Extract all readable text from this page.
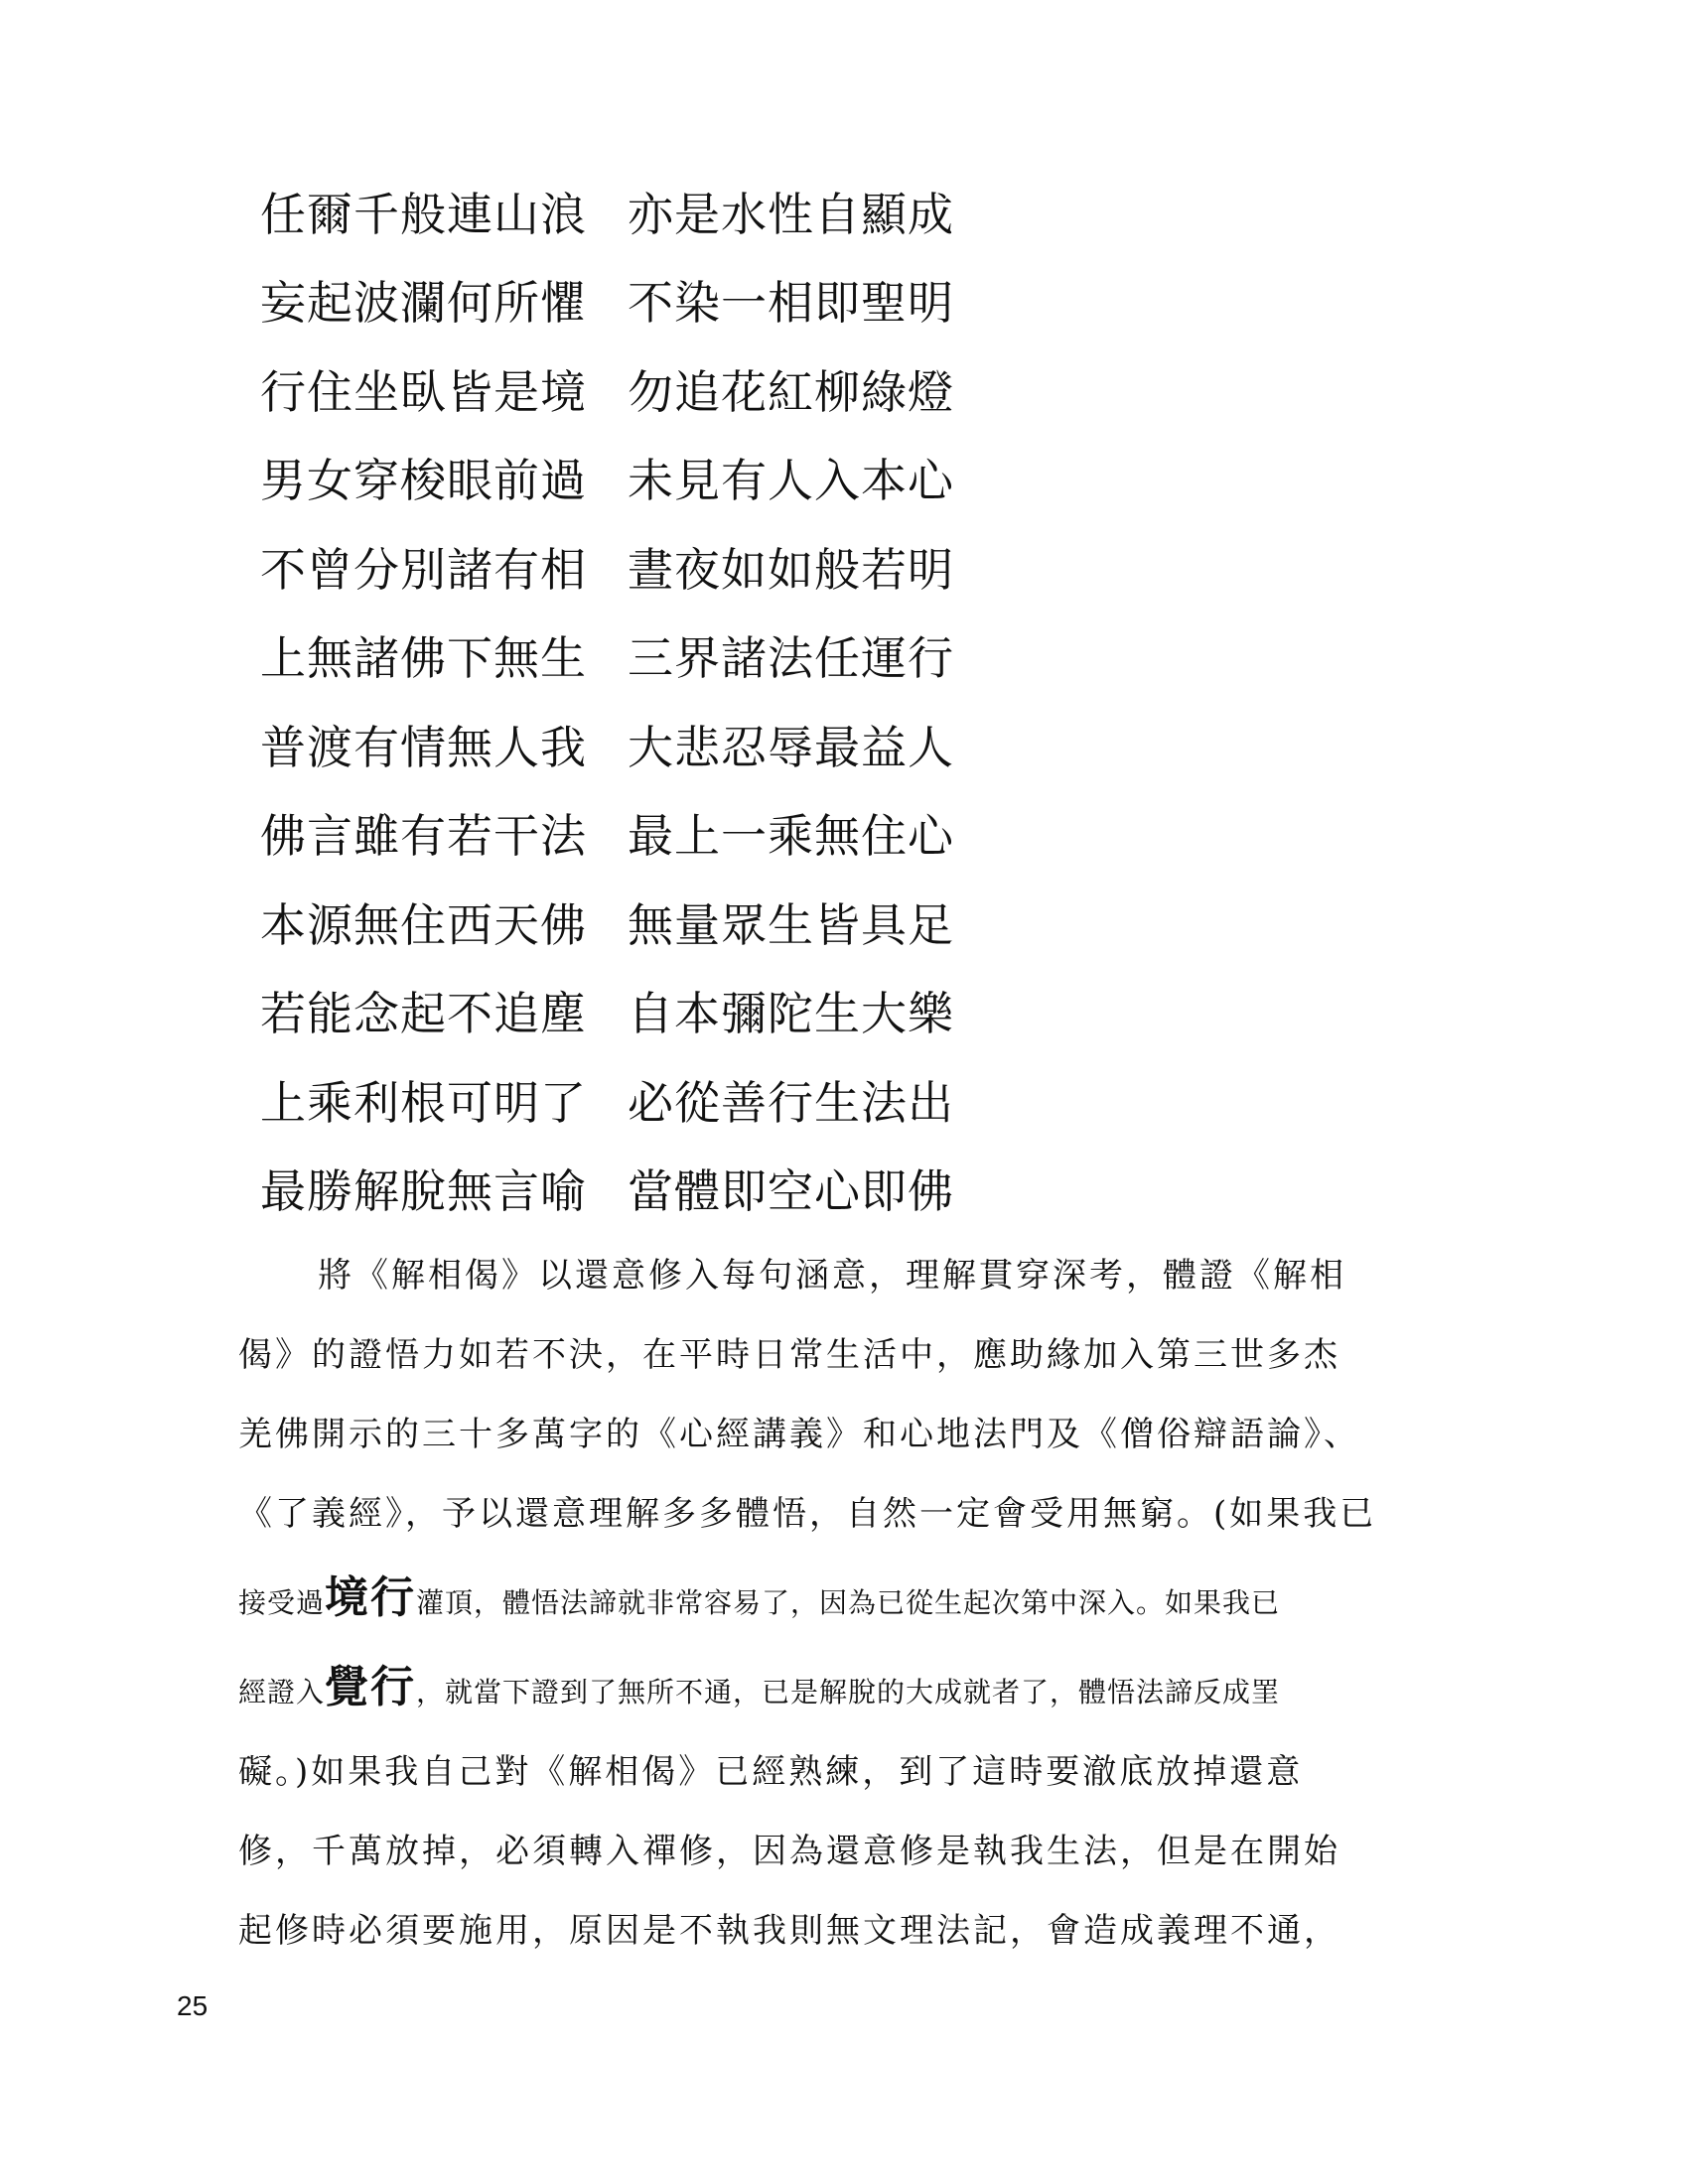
任爾千般連山浪 亦是水性自顯成
妄起波瀾何所懼 不染一相即聖明
行住坐臥皆是境 勿追花紅柳綠燈
男女穿梭眼前過 未見有人入本心
不曾分別諸有相 晝夜如如般若明
上無諸佛下無生 三界諸法任運行
普渡有情無人我 大悲忍辱最益人
佛言雖有若干法 最上一乘無住心
本源無住西天佛 無量眾生皆具足
若能念起不追塵 自本彌陀生大樂
上乘利根可明了 必從善行生法出
最勝解脫無言喻 當體即空心即佛
將《解相偈》以還意修入每句涵意，理解貫穿深考，體證《解相
偈》的證悟力如若不決，在平時日常生活中，應助緣加入第三世多杰
羌佛開示的三十多萬字的《心經講義》和心地法門及《僧俗辯語論》、
《了義經》，予以還意理解多多體悟，自然一定會受用無窮。(如果我已
接受過境行灌頂，體悟法諦就非常容易了，因為已從生起次第中深入。如果我已
經證入覺行，就當下證到了無所不通，已是解脫的大成就者了，體悟法諦反成罣
礙。)如果我自己對《解相偈》已經熟練，到了這時要澈底放掉還意
修，千萬放掉，必須轉入禪修，因為還意修是執我生法，但是在開始
起修時必須要施用，原因是不執我則無文理法記，會造成義理不通，
25
